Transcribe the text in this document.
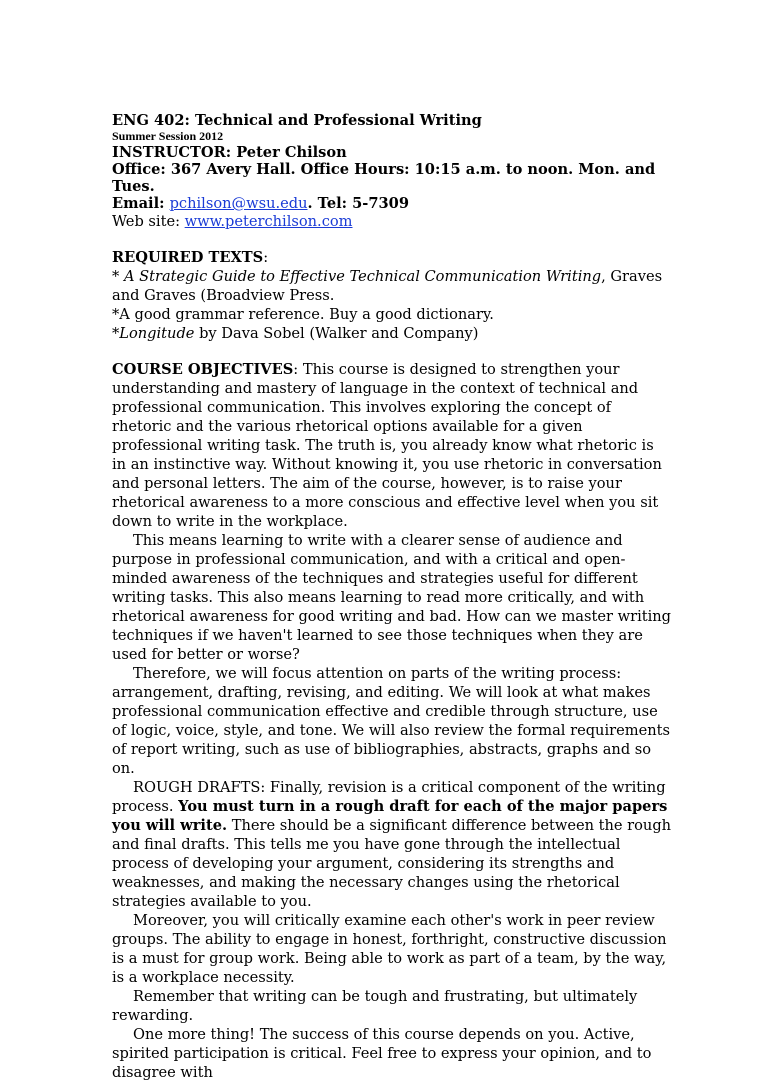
ENG 402: Technical and Professional Writing
Summer Session 2012
INSTRUCTOR: Peter Chilson
Office: 367 Avery Hall. Office Hours: 10:15 a.m. to noon. Mon. and Tues.
Email: pchilson@wsu.edu. Tel: 5-7309

Web site: www.peterchilson.com

REQUIRED TEXTS:

* A Strategic Guide to Effective Technical Communication Writing, Graves and Graves (Broadview Press.

*A good grammar reference. Buy a good dictionary.

*Longitude by Dava Sobel (Walker and Company)

COURSE OBJECTIVES: This course is designed to strengthen your understanding and mastery of language in the context of technical and professional communication. This involves exploring the concept of rhetoric and the various rhetorical options available for a given professional writing task. The truth is, you already know what rhetoric is in an instinctive way. Without knowing it, you use rhetoric in conversation and personal letters. The aim of the course, however, is to raise your rhetorical awareness to a more conscious and effective level when you sit down to write in the workplace.

This means learning to write with a clearer sense of audience and purpose in professional communication, and with a critical and open-minded awareness of the techniques and strategies useful for different writing tasks. This also means learning to read more critically, and with rhetorical awareness for good writing and bad. How can we master writing techniques if we haven't learned to see those techniques when they are used for better or worse?

Therefore, we will focus attention on parts of the writing process: arrangement, drafting, revising, and editing. We will look at what makes professional communication effective and credible through structure, use of logic, voice, style, and tone. We will also review the formal requirements of report writing, such as use of bibliographies, abstracts, graphs and so on.

ROUGH DRAFTS: Finally, revision is a critical component of the writing process. You must turn in a rough draft for each of the major papers you will write. There should be a significant difference between the rough and final drafts. This tells me you have gone through the intellectual process of developing your argument, considering its strengths and weaknesses, and making the necessary changes using the rhetorical strategies available to you.

Moreover, you will critically examine each other's work in peer review groups. The ability to engage in honest, forthright, constructive discussion is a must for group work. Being able to work as part of a team, by the way, is a workplace necessity.

Remember that writing can be tough and frustrating, but ultimately rewarding.

One more thing! The success of this course depends on you. Active, spirited participation is critical. Feel free to express your opinion, and to disagree with
